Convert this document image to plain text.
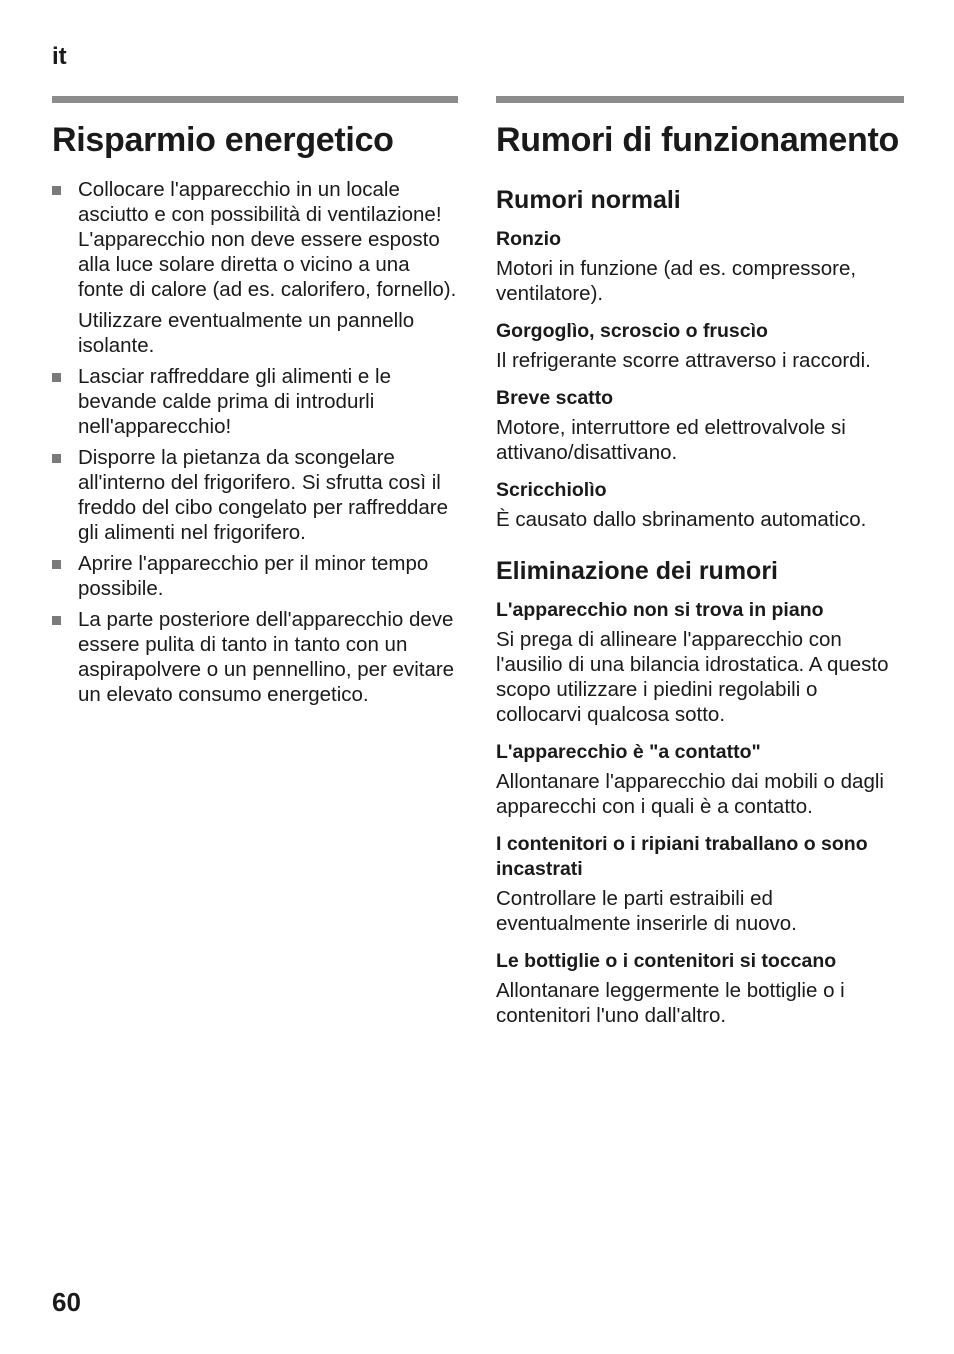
it
Risparmio energetico
Collocare l'apparecchio in un locale asciutto e con possibilità di ventilazione! L'apparecchio non deve essere esposto alla luce solare diretta o vicino a una fonte di calore (ad es. calorifero, fornello).
Utilizzare eventualmente un pannello isolante.
Lasciar raffreddare gli alimenti e le bevande calde prima di introdurli nell'apparecchio!
Disporre la pietanza da scongelare all'interno del frigorifero. Si sfrutta così il freddo del cibo congelato per raffreddare gli alimenti nel frigorifero.
Aprire l'apparecchio per il minor tempo possibile.
La parte posteriore dell'apparecchio deve essere pulita di tanto in tanto con un aspirapolvere o un pennellino, per evitare un elevato consumo energetico.
Rumori di funzionamento
Rumori normali
Ronzio

Motori in funzione (ad es. compressore, ventilatore).

Gorgoglìo, scroscio o fruscìo

Il refrigerante scorre attraverso i raccordi.

Breve scatto

Motore, interruttore ed elettrovalvole si attivano/disattivano.

Scricchiolìo

È causato dallo sbrinamento automatico.

Eliminazione dei rumori
L'apparecchio non si trova in piano

Si prega di allineare l'apparecchio con l'ausilio di una bilancia idrostatica. A questo scopo utilizzare i piedini regolabili o collocarvi qualcosa sotto.

L'apparecchio è "a contatto"

Allontanare l'apparecchio dai mobili o dagli apparecchi con i quali è a contatto.

I contenitori o i ripiani traballano o sono incastrati

Controllare le parti estraibili ed eventualmente inserirle di nuovo.

Le bottiglie o i contenitori si toccano

Allontanare leggermente le bottiglie o i contenitori l'uno dall'altro.

60
